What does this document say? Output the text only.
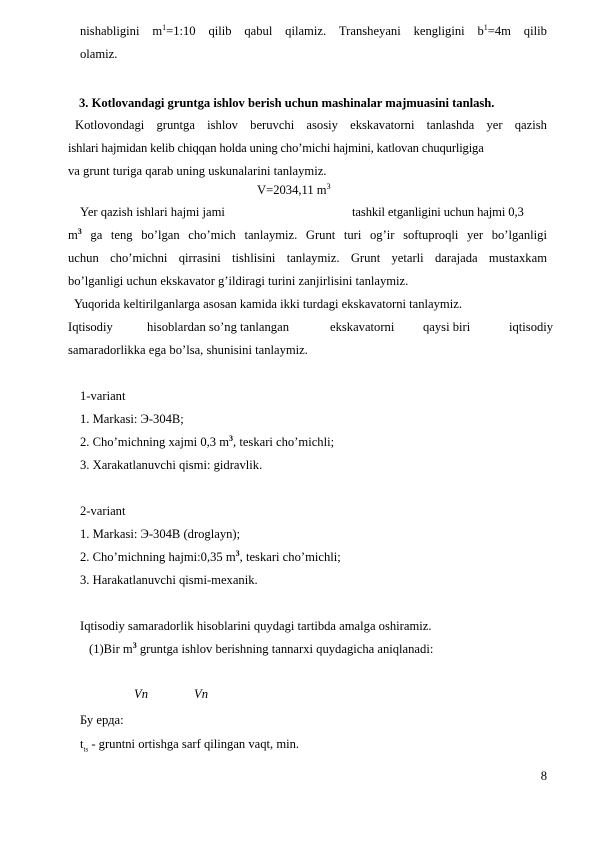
nishabligini $m^1=1:10$ qilib qabul qilamiz. Transheyani kengligini $b^1=4m$ qilib
olamiz.
3. Kotlovandagi gruntga ishlov berish uchun mashinalar majmuasini tanlash.
Kotlovondagi gruntga ishlov beruvchi asosiy ekskavatorni tanlashda yer qazish
ishlari hajmidan kelib chiqqan holda uning cho’michi hajmini, katlovan chuqurligiga
va grunt turiga qarab uning uskunalarini tanlaymiz.
V=2034,11 $m^3$
Yer qazish ishlari hajmi jami	tashkil etganligini uchun hajmi 0,3
$m^3$ ga teng bo’lgan cho’mich tanlaymiz. Grunt turi og’ir softuproqli yer bo’lganligi
uchun cho’michni qirrasini tishlisini tanlaymiz. Grunt yetarli darajada mustaxkam
bo’lganligi uchun ekskavator g’ildiragi turini zanjirlisini tanlaymiz.
Yuqorida keltirilganlarga asosan kamida ikki turdagi ekskavatorni tanlaymiz.
Iqtisodiy	hisoblardan so’ng tanlangan	ekskavatorni qaysi biri	iqtisodiy
samaradorlikka ega bo’lsa, shunisini tanlaymiz.
1-variant
1. Markasi: Э-304В;
2. Cho’michning xajmi 0,3 $m^3$, teskari cho’michli;
3. Xarakatlanuvchi qismi: gidravlik.
2-variant
1. Markasi: Э-304В (droglayn);
2. Cho’michning hajmi:0,35 $m^3$, teskari cho’michli;
3. Harakatlanuvchi qismi-mexanik.
Iqtisodiy samaradorlik hisoblarini quydagi tartibda amalga oshiramiz.
(1)Bir $m^3$ gruntga ishlov berishning tannarxi quydagicha aniqlanadi:
Vn	Vn
Бу ерда:
$t_{ts}$ - gruntni ortishga sarf qilingan vaqt, min.
8
